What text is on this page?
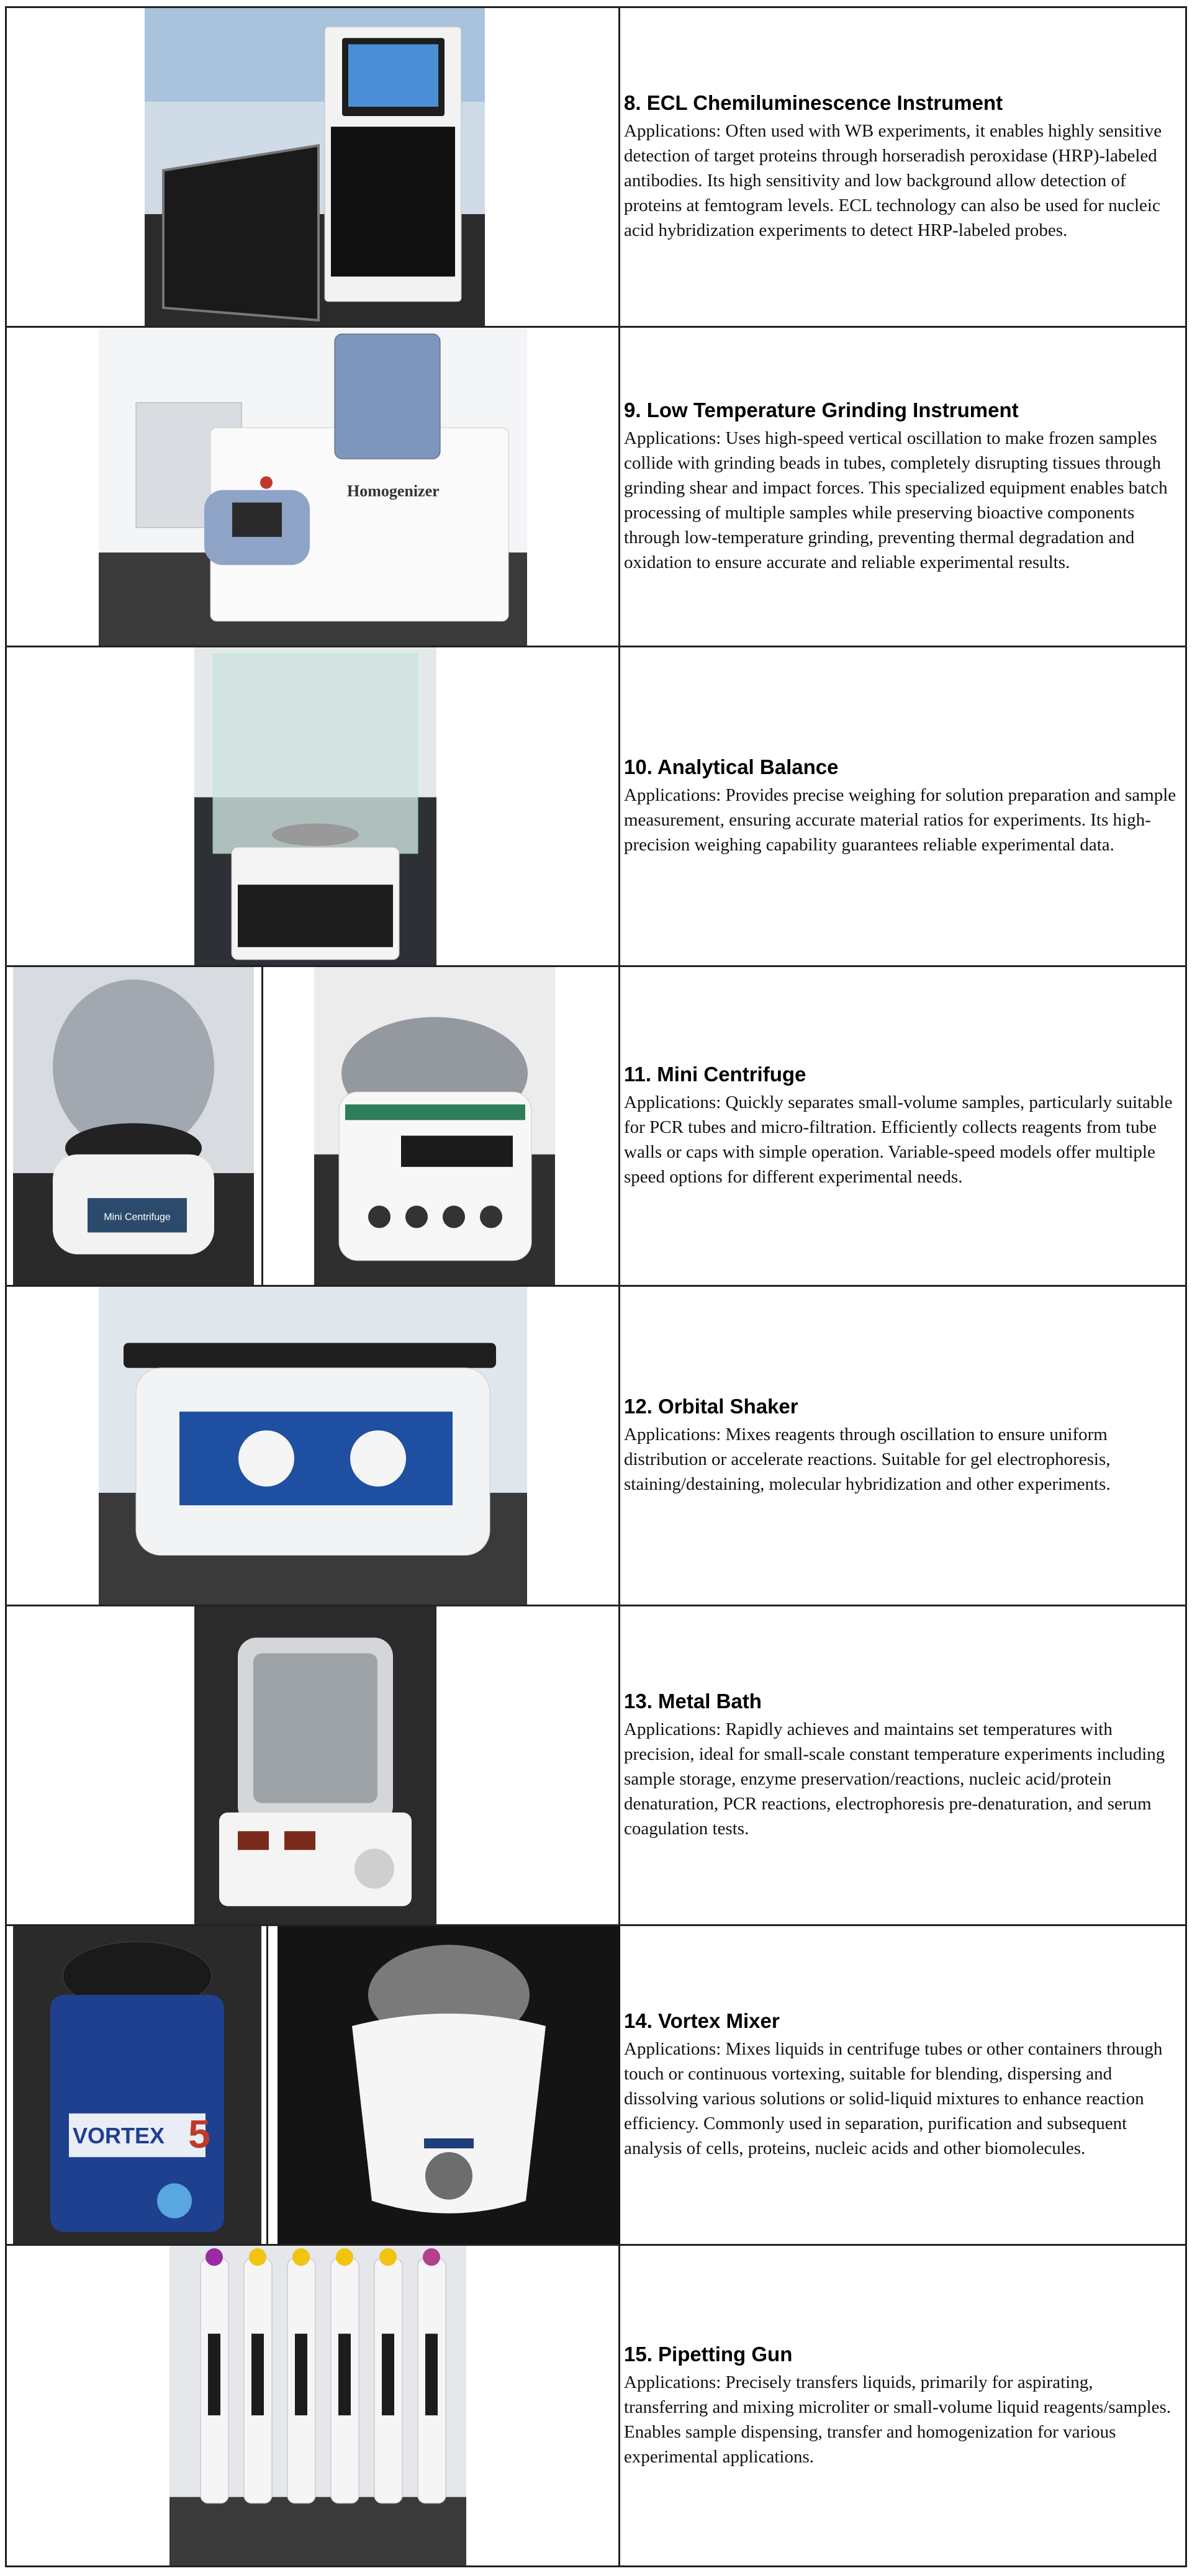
8. ECL Chemiluminescence Instrument
Applications: Often used with WB experiments, it enables highly sensitive detection of target proteins through horseradish peroxidase (HRP)-labeled antibodies. Its high sensitivity and low background allow detection of proteins at femtogram levels. ECL technology can also be used for nucleic acid hybridization experiments to detect HRP-labeled probes.
Homogenizer
9. Low Temperature Grinding Instrument
Applications: Uses high-speed vertical oscillation to make frozen samples collide with grinding beads in tubes, completely disrupting tissues through grinding shear and impact forces. This specialized equipment enables batch processing of multiple samples while preserving bioactive components through low-temperature grinding, preventing thermal degradation and oxidation to ensure accurate and reliable experimental results.
10. Analytical Balance
Applications: Provides precise weighing for solution preparation and sample measurement, ensuring accurate material ratios for experiments. Its high-precision weighing capability guarantees reliable experimental data.
Mini Centrifuge
11. Mini Centrifuge
Applications: Quickly separates small-volume samples, particularly suitable for PCR tubes and micro-filtration. Efficiently collects reagents from tube walls or caps with simple operation. Variable-speed models offer multiple speed options for different experimental needs.
12. Orbital Shaker
Applications: Mixes reagents through oscillation to ensure uniform distribution or accelerate reactions. Suitable for gel electrophoresis, staining/destaining, molecular hybridization and other experiments.
13. Metal Bath
Applications: Rapidly achieves and maintains set temperatures with precision, ideal for small-scale constant temperature experiments including sample storage, enzyme preservation/reactions, nucleic acid/protein denaturation, PCR reactions, electrophoresis pre-denaturation, and serum coagulation tests.
VORTEX 5
14. Vortex Mixer
Applications: Mixes liquids in centrifuge tubes or other containers through touch or continuous vortexing, suitable for blending, dispersing and dissolving various solutions or solid-liquid mixtures to enhance reaction efficiency. Commonly used in separation, purification and subsequent analysis of cells, proteins, nucleic acids and other biomolecules.
15. Pipetting Gun
Applications: Precisely transfers liquids, primarily for aspirating, transferring and mixing microliter or small-volume liquid reagents/samples. Enables sample dispensing, transfer and homogenization for various experimental applications.
